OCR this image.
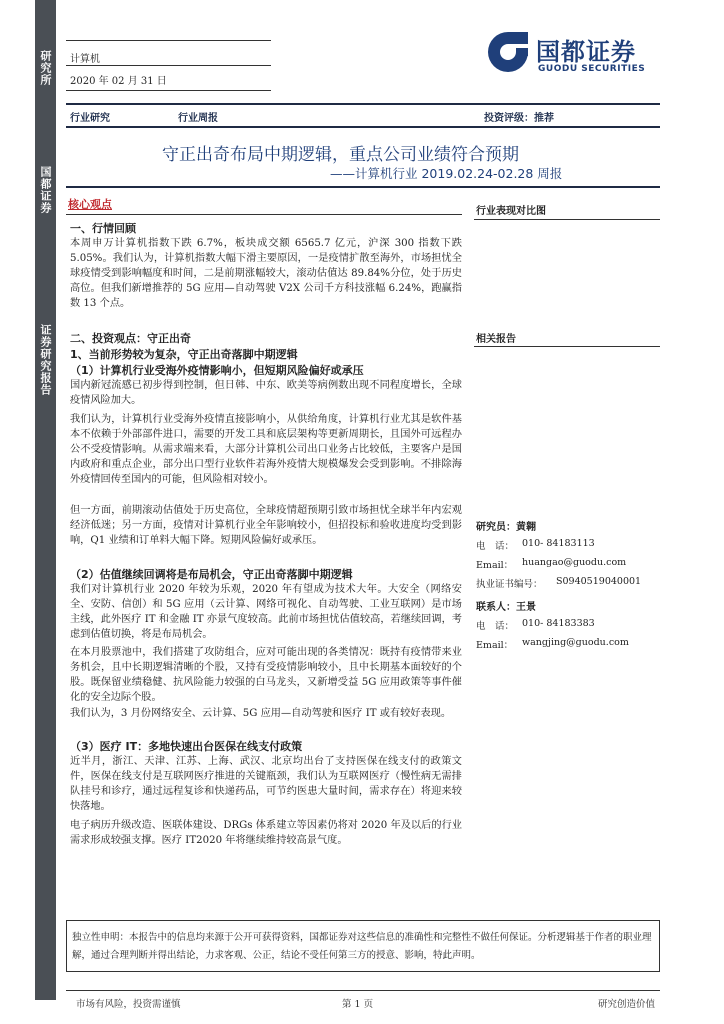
研究所
国都证券
证券研究报告
计算机
2020 年 02 月 31 日
国都证券
GUODU SECURITIES
行业研究	行业周报	投资评级：推荐
守正出奇布局中期逻辑，重点公司业绩符合预期
——计算机行业 2019.02.24-02.28 周报
核心观点
一、行情回顾
本周申万计算机指数下跌 6.7%，板块成交额 6565.7 亿元，沪深 300 指数下跌 5.05%。我们认为，计算机指数大幅下滑主要原因，一是疫情扩散至海外，市场担忧全球疫情受到影响幅度和时间，二是前期涨幅较大，滚动估值达 89.84%分位，处于历史高位。但我们新增推荐的 5G 应用—自动驾驶 V2X 公司千方科技涨幅 6.24%，跑赢指数 13 个点。
二、投资观点：守正出奇
1、当前形势较为复杂，守正出奇落脚中期逻辑
（1）计算机行业受海外疫情影响小，但短期风险偏好或承压
国内新冠流感已初步得到控制，但日韩、中东、欧美等病例数出现不同程度增长，全球疫情风险加大。
我们认为，计算机行业受海外疫情直接影响小，从供给角度，计算机行业尤其是软件基本不依赖于外部部件进口，需要的开发工具和底层架构等更新周期长，且国外可远程办公不受疫情影响。从需求端来看，大部分计算机公司出口业务占比较低，主要客户是国内政府和重点企业，部分出口型行业软件若海外疫情大规模爆发会受到影响。不排除海外疫情回传至国内的可能，但风险相对较小。
但一方面，前期滚动估值处于历史高位，全球疫情超预期引致市场担忧全球半年内宏观经济低迷；另一方面，疫情对计算机行业全年影响较小，但招投标和验收进度均受到影响，Q1 业绩和订单料大幅下降。短期风险偏好或承压。
（2）估值继续回调将是布局机会，守正出奇落脚中期逻辑
我们对计算机行业 2020 年较为乐观，2020 年有望成为技术大年。大安全（网络安全、安防、信创）和 5G 应用（云计算、网络可视化、自动驾驶、工业互联网）是市场主线，此外医疗 IT 和金融 IT 亦景气度较高。此前市场担忧估值较高，若继续回调，考虑到估值切换，将是布局机会。
在本月股票池中，我们搭建了攻防组合，应对可能出现的各类情况：既持有疫情带来业务机会，且中长期逻辑清晰的个股，又持有受疫情影响较小，且中长期基本面较好的个股。既保留业绩稳健、抗风险能力较强的白马龙头，又新增受益 5G 应用政策等事件催化的安全边际个股。
我们认为，3 月份网络安全、云计算、5G 应用—自动驾驶和医疗 IT 或有较好表现。
（3）医疗 IT：多地快速出台医保在线支付政策
近半月，浙江、天津、江苏、上海、武汉、北京均出台了支持医保在线支付的政策文件，医保在线支付是互联网医疗推进的关键瓶颈，我们认为互联网医疗（慢性病无需排队挂号和诊疗，通过远程复诊和快递药品，可节约医患大量时间，需求存在）将迎来较快落地。
电子病历升级改造、医联体建设、DRGs 体系建立等因素仍将对 2020 年及以后的行业需求形成较强支撑。医疗 IT2020 年将继续维持较高景气度。
行业表现对比图
相关报告
研究员：黄翱
电　话： 010- 84183113
Email： huangao@guodu.com
执业证书编号： S0940519040001
联系人：王景
电　话： 010- 84183383
Email： wangjing@guodu.com
独立性申明：本报告中的信息均来源于公开可获得资料，国都证券对这些信息的准确性和完整性不做任何保证。分析逻辑基于作者的职业理解，通过合理判断并得出结论，力求客观、公正，结论不受任何第三方的授意、影响，特此声明。
市场有风险，投资需谨慎	第 1 页	研究创造价值
